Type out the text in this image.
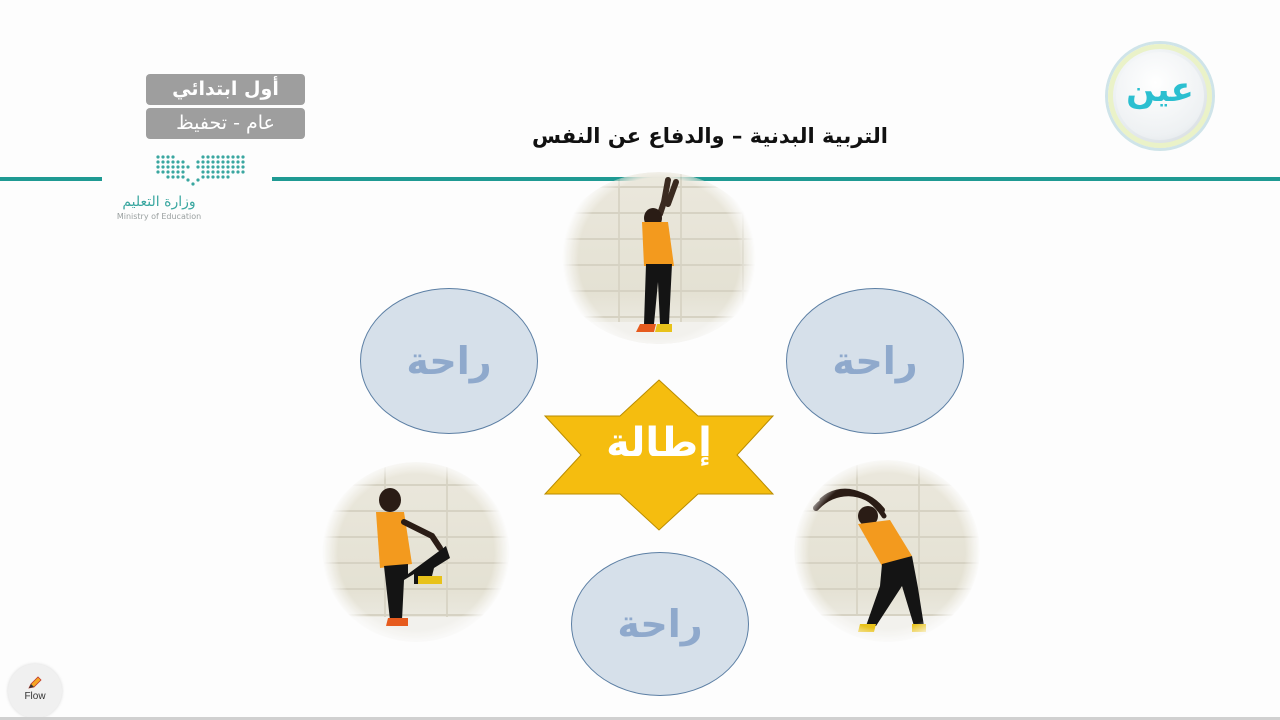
أول ابتدائي
عام - تحفيظ
وزارة التعليم
Ministry of Education
التربية البدنية – والدفاع عن النفس
عين
راحة	راحة
راحة
إطالة
Flow
